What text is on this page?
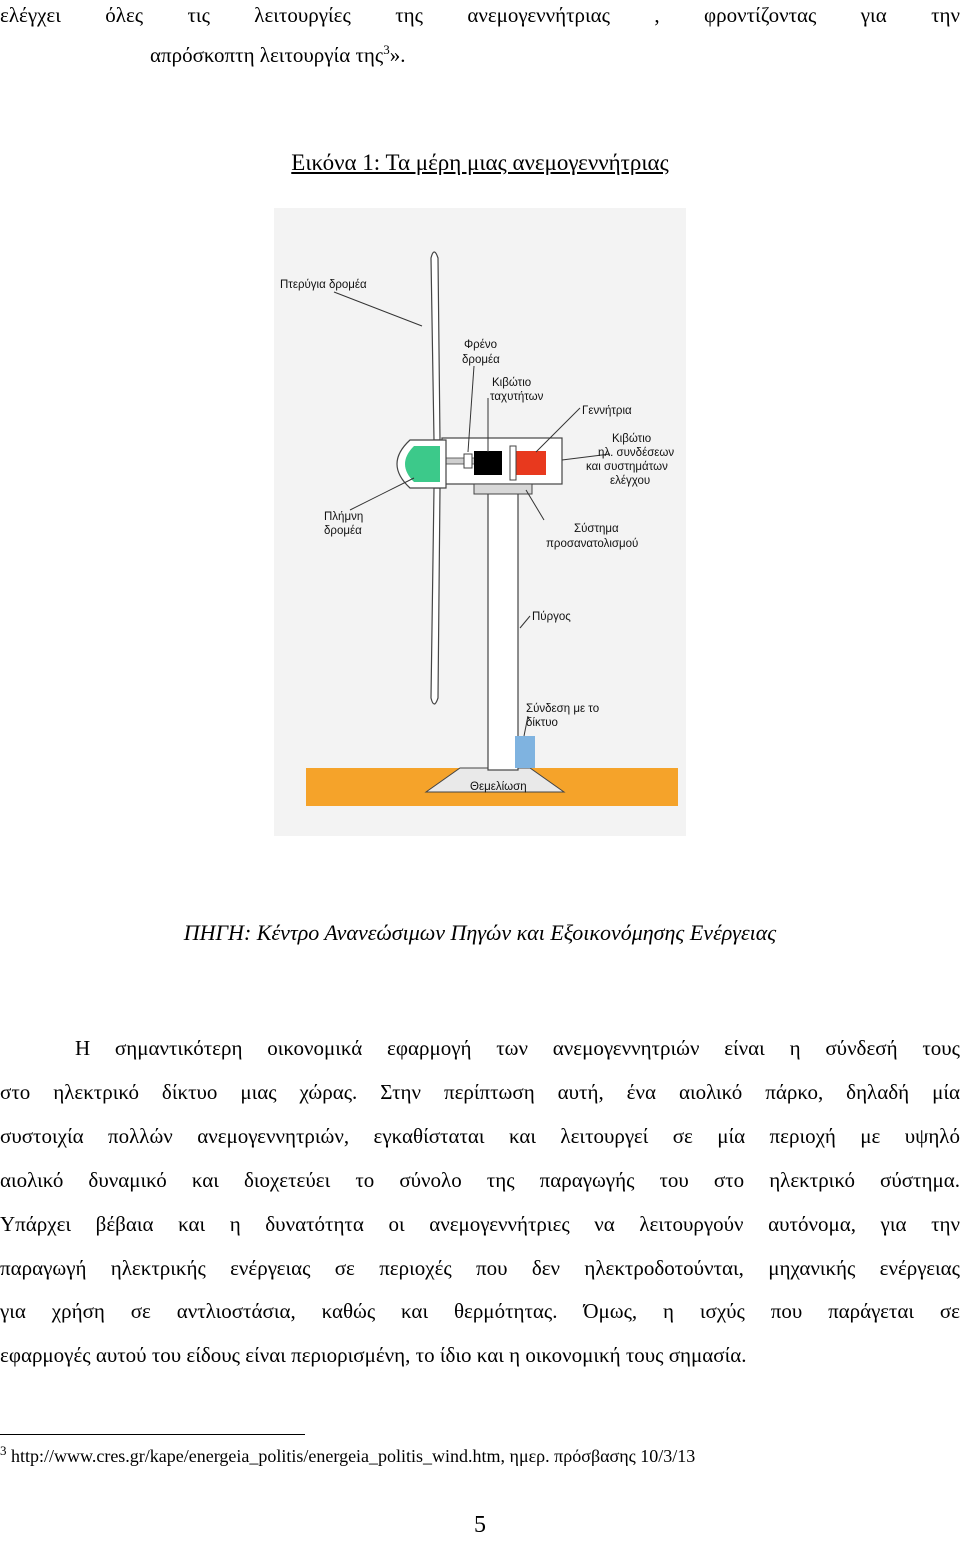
ελέγχει όλες τις λειτουργίες της ανεμογεννήτριας , φροντίζοντας για την
απρόσκοπτη λειτουργία της$^3$».
Εικόνα 1: Τα μέρη μιας ανεμογεννήτριας
Πτερύγια δρομέα
Φρένο
δρομέα
Κιβώτιο
ταχυτήτων
Γεννήτρια
Κιβώτιο
ηλ. συνδέσεων
και συστημάτων
ελέγχου
Πλήμνη
δρομέα	Σύστημα
προσανατολισμού
Πύργος
Σύνδεση με το
δίκτυο
Θεμελίωση
ΠΗΓΗ: Κέντρο Ανανεώσιμων Πηγών και Εξοικονόμησης Ενέργειας
Η σημαντικότερη οικονομικά εφαρμογή των ανεμογεννητριών είναι η σύνδεσή τους
στο ηλεκτρικό δίκτυο μιας χώρας. Στην περίπτωση αυτή, ένα αιολικό πάρκο, δηλαδή μία
συστοιχία πολλών ανεμογεννητριών, εγκαθίσταται και λειτουργεί σε μία περιοχή με υψηλό
αιολικό δυναμικό και διοχετεύει το σύνολο της παραγωγής του στο ηλεκτρικό σύστημα.
Υπάρχει βέβαια και η δυνατότητα οι ανεμογεννήτριες να λειτουργούν αυτόνομα, για την
παραγωγή ηλεκτρικής ενέργειας σε περιοχές που δεν ηλεκτροδοτούνται, μηχανικής ενέργειας
για χρήση σε αντλιοστάσια, καθώς και θερμότητας. Όμως, η ισχύς που παράγεται σε
εφαρμογές αυτού του είδους είναι περιορισμένη, το ίδιο και η οικονομική τους σημασία.
$^3$ http://www.cres.gr/kape/energeia_politis/energeia_politis_wind.htm, ημερ. πρόσβασης 10/3/13
5
